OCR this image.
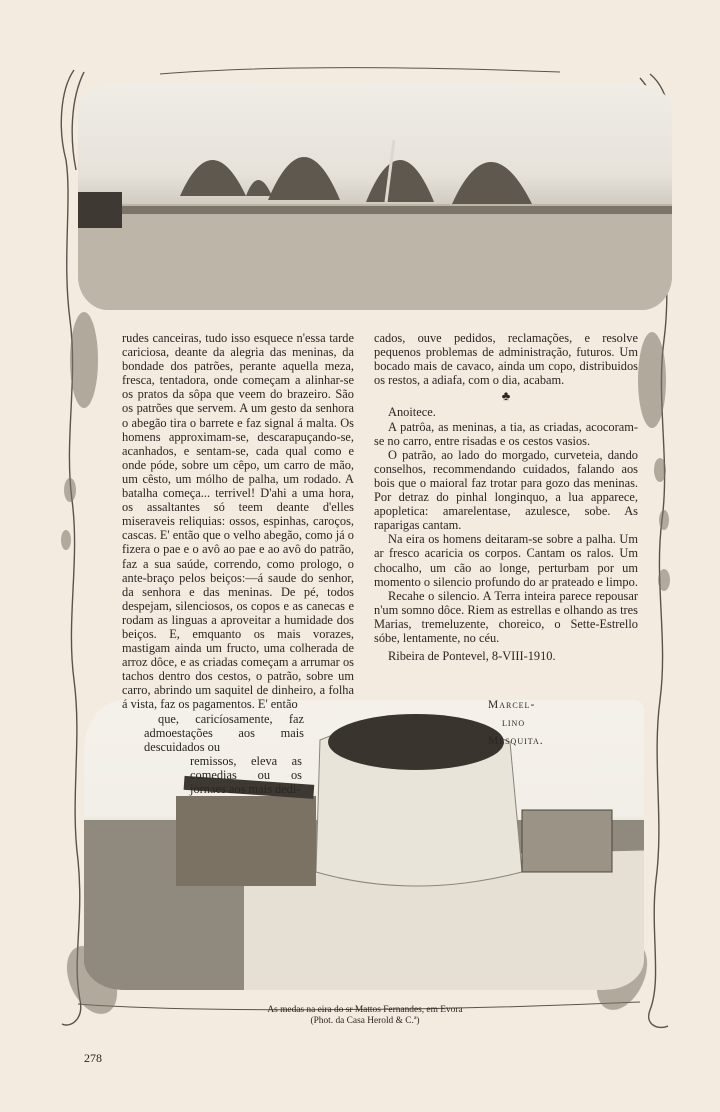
rudes canceiras, tudo isso esquece n'essa tarde cariciosa, deante da alegria das meninas, da bondade dos patrões, perante aquella meza, fresca, tentadora, onde começam a alinhar-se os pratos da sôpa que veem do brazeiro. São os patrões que servem. A um gesto da senhora o abegão tira o barrete e faz signal á malta. Os homens approximam-se, descarapuçando-se, acanhados, e sentam-se, cada qual como e onde póde, sobre um cêpo, um carro de mão, um cêsto, um mólho de palha, um rodado. A batalha começa... terrivel! D'ahi a uma hora, os assaltantes só teem deante d'elles miseraveis reliquias: ossos, espinhas, caroços, cascas. E' então que o velho abegão, como já o fizera o pae e o avô ao pae e ao avô do patrão, faz a sua saúde, correndo, como prologo, o ante-braço pelos beiços:—á saude do senhor, da senhora e das meninas. De pé, todos despejam, silenciosos, os copos e as canecas e rodam as linguas a aproveitar a humidade dos beiços. E, emquanto os mais vorazes, mastigam ainda um fructo, uma colherada de arroz dôce, e as criadas começam a arrumar os tachos dentro dos cestos, o patrão, sobre um carro, abrindo um saquitel de dinheiro, a folha á vista, faz os pagamentos. E' então

que, caricíosamente, faz admoestações aos mais descuidados ou

remissos, eleva as comedias ou os jornaes aos mais dedi-

cados, ouve pedidos, reclamações, e resolve pequenos problemas de administração, futuros. Um bocado mais de cavaco, ainda um copo, distribuidos os restos, a adiafa, com o dia, acabam.

♣

Anoitece.

A patrôa, as meninas, a tia, as criadas, acocoram-se no carro, entre risadas e os cestos vasios.

O patrão, ao lado do morgado, curveteia, dando conselhos, recommendando cuidados, falando aos bois que o maioral faz trotar para gozo das meninas. Por detraz do pinhal longinquo, a lua apparece, apopletica: amarelentase, azulesce, sobe. As raparigas cantam.

Na eira os homens deitaram-se sobre a palha. Um ar fresco acaricia os corpos. Cantam os ralos. Um chocalho, um cão ao longe, perturbam por um momento o silencio profundo do ar prateado e limpo.

Recahe o silencio. A Terra inteira parece repousar n'um somno dôce. Riem as estrellas e olhando as tres Marias, tremeluzente, choreico, o Sette-Estrello sóbe, lentamente, no céu.

Ribeira de Pontevel, 8-VIII-1910.

Marcel-
lino
Mesquita.
As medas na eira do sr Mattos Fernandes, em Evora
(Phot. da Casa Herold & C.ª)
278
